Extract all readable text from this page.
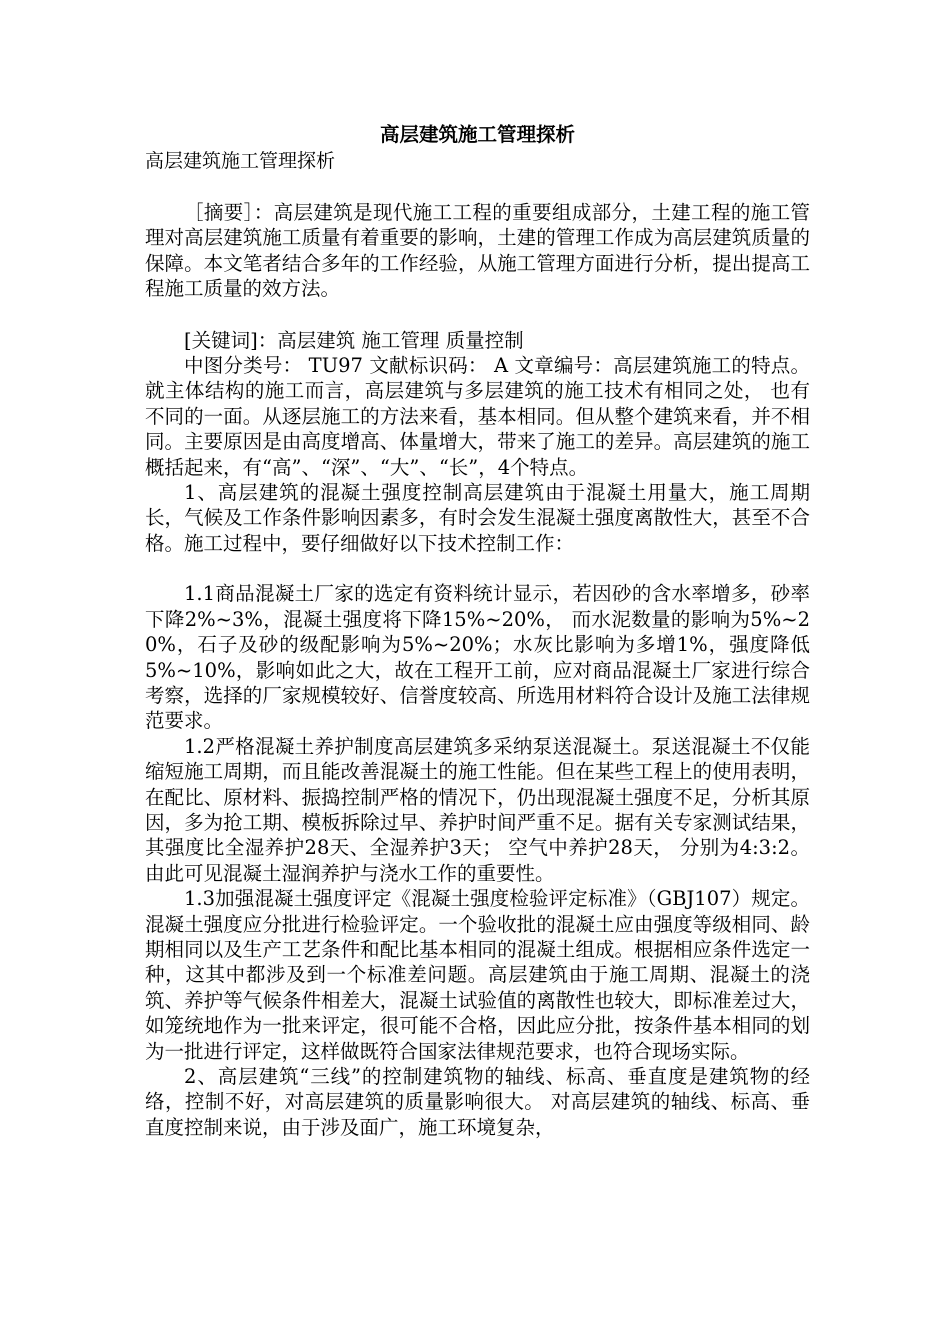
高层建筑施工管理探析
高层建筑施工管理探析

［摘要］：高层建筑是现代施工工程的重要组成部分，土建工程的施工管理对高层建筑施工质量有着重要的影响，土建的管理工作成为高层建筑质量的保障。本文笔者结合多年的工作经验，从施工管理方面进行分析，提出提高工程施工质量的效方法。

[关键词]：高层建筑 施工管理 质量控制

中图分类号： TU97 文献标识码： A 文章编号：高层建筑施工的特点。就主体结构的施工而言，高层建筑与多层建筑的施工技术有相同之处， 也有不同的一面。从逐层施工的方法来看，基本相同。但从整个建筑来看，并不相同。主要原因是由高度增高、体量增大，带来了施工的差异。高层建筑的施工概括起来，有“高”、“深”、“大”、“长”，4个特点。

1、高层建筑的混凝土强度控制高层建筑由于混凝土用量大，施工周期长，气候及工作条件影响因素多，有时会发生混凝土强度离散性大，甚至不合格。施工过程中，要仔细做好以下技术控制工作：

1.1商品混凝土厂家的选定有资料统计显示，若因砂的含水率增多，砂率下降2%~3%，混凝土强度将下降15%~20%， 而水泥数量的影响为5%~20%，石子及砂的级配影响为5%~20%；水灰比影响为多增1%，强度降低5%~10%，影响如此之大，故在工程开工前，应对商品混凝土厂家进行综合考察，选择的厂家规模较好、信誉度较高、所选用材料符合设计及施工法律规范要求。

1.2严格混凝土养护制度高层建筑多采纳泵送混凝土。泵送混凝土不仅能缩短施工周期，而且能改善混凝土的施工性能。但在某些工程上的使用表明，在配比、原材料、振捣控制严格的情况下，仍出现混凝土强度不足，分析其原因，多为抢工期、模板拆除过早、养护时间严重不足。据有关专家测试结果，其强度比全湿养护28天、全湿养护3天； 空气中养护28天， 分别为4:3:2。由此可见混凝土湿润养护与浇水工作的重要性。

1.3加强混凝土强度评定《混凝土强度检验评定标准》（GBJ107）规定。混凝土强度应分批进行检验评定。一个验收批的混凝土应由强度等级相同、龄期相同以及生产工艺条件和配比基本相同的混凝土组成。根据相应条件选定一种，这其中都涉及到一个标准差问题。高层建筑由于施工周期、混凝土的浇筑、养护等气候条件相差大，混凝土试验值的离散性也较大，即标准差过大，如笼统地作为一批来评定，很可能不合格，因此应分批，按条件基本相同的划为一批进行评定，这样做既符合国家法律规范要求，也符合现场实际。

2、高层建筑“三线”的控制建筑物的轴线、标高、垂直度是建筑物的经络，控制不好，对高层建筑的质量影响很大。 对高层建筑的轴线、标高、垂直度控制来说，由于涉及面广，施工环境复杂，
